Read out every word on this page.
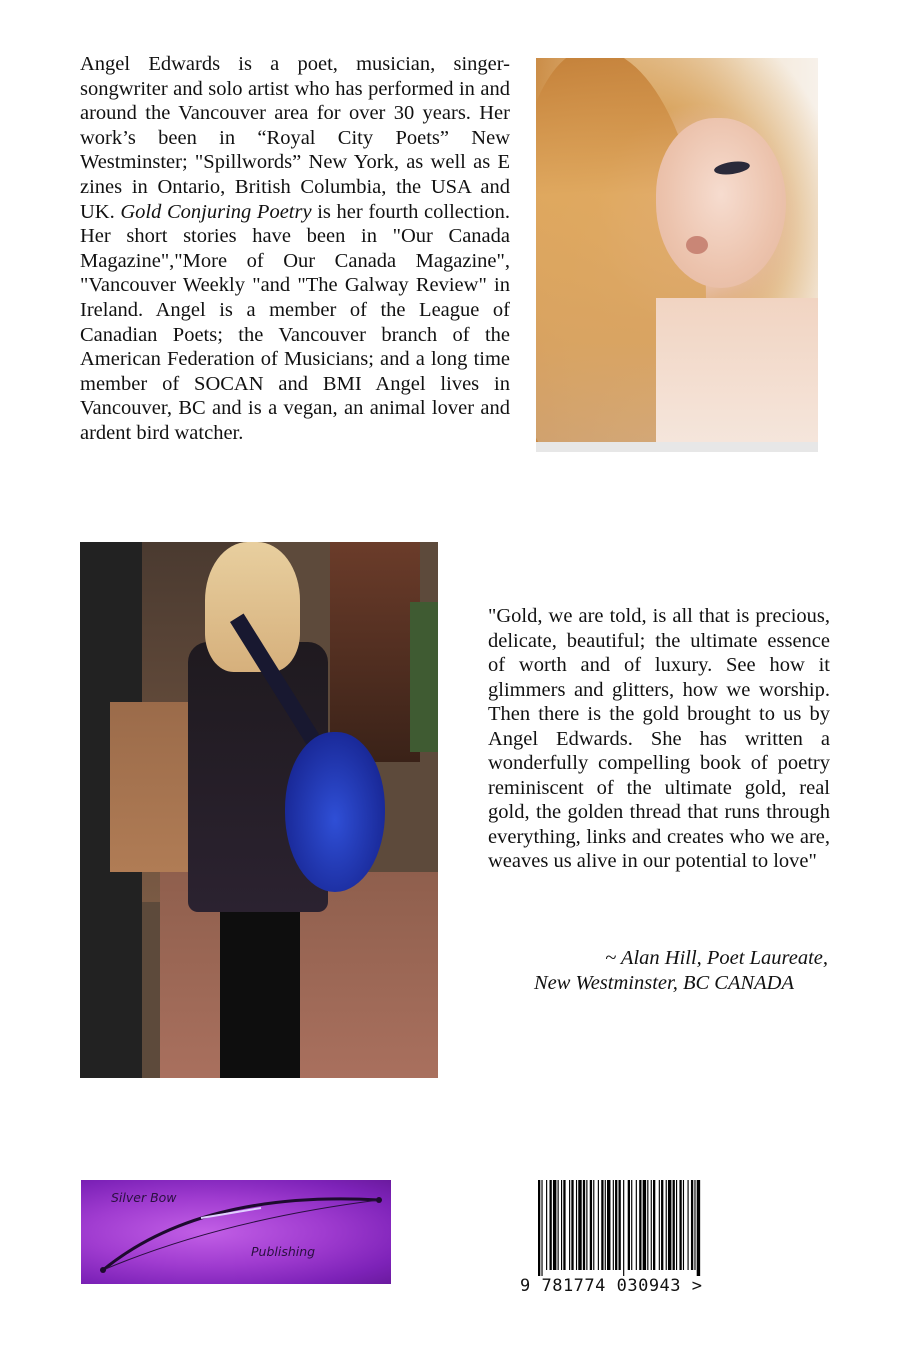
Angel Edwards is a poet, musician, singer-songwriter and solo artist who has performed in and around the Vancouver area for over 30 years. Her work’s been in “Royal City Poets” New Westminster; "Spillwords” New York, as well as E zines in Ontario, British Columbia, the USA and UK. Gold Conjuring Poetry is her fourth collection. Her short stories have been in "Our Canada Magazine","More of Our Canada Magazine", "Vancouver Weekly "and "The Galway Review" in Ireland. Angel is a member of the League of Canadian Poets; the Vancouver branch of the American Federation of Musicians; and a long time member of SOCAN and BMI Angel lives in Vancouver, BC and is a vegan, an animal lover and ardent bird watcher.

"Gold, we are told, is all that is precious, delicate, beautiful; the ultimate essence of worth and of luxury. See how it glimmers and glitters, how we worship. Then there is the gold brought to us by Angel Edwards. She has written a wonderfully compelling book of poetry reminiscent of the ultimate gold, real gold, the golden thread that runs through everything, links and creates who we are, weaves us alive in our potential to love"

~ Alan Hill, Poet Laureate,
New Westminster, BC CANADA
Silver Bow
Publishing
9 781774 030943 >
